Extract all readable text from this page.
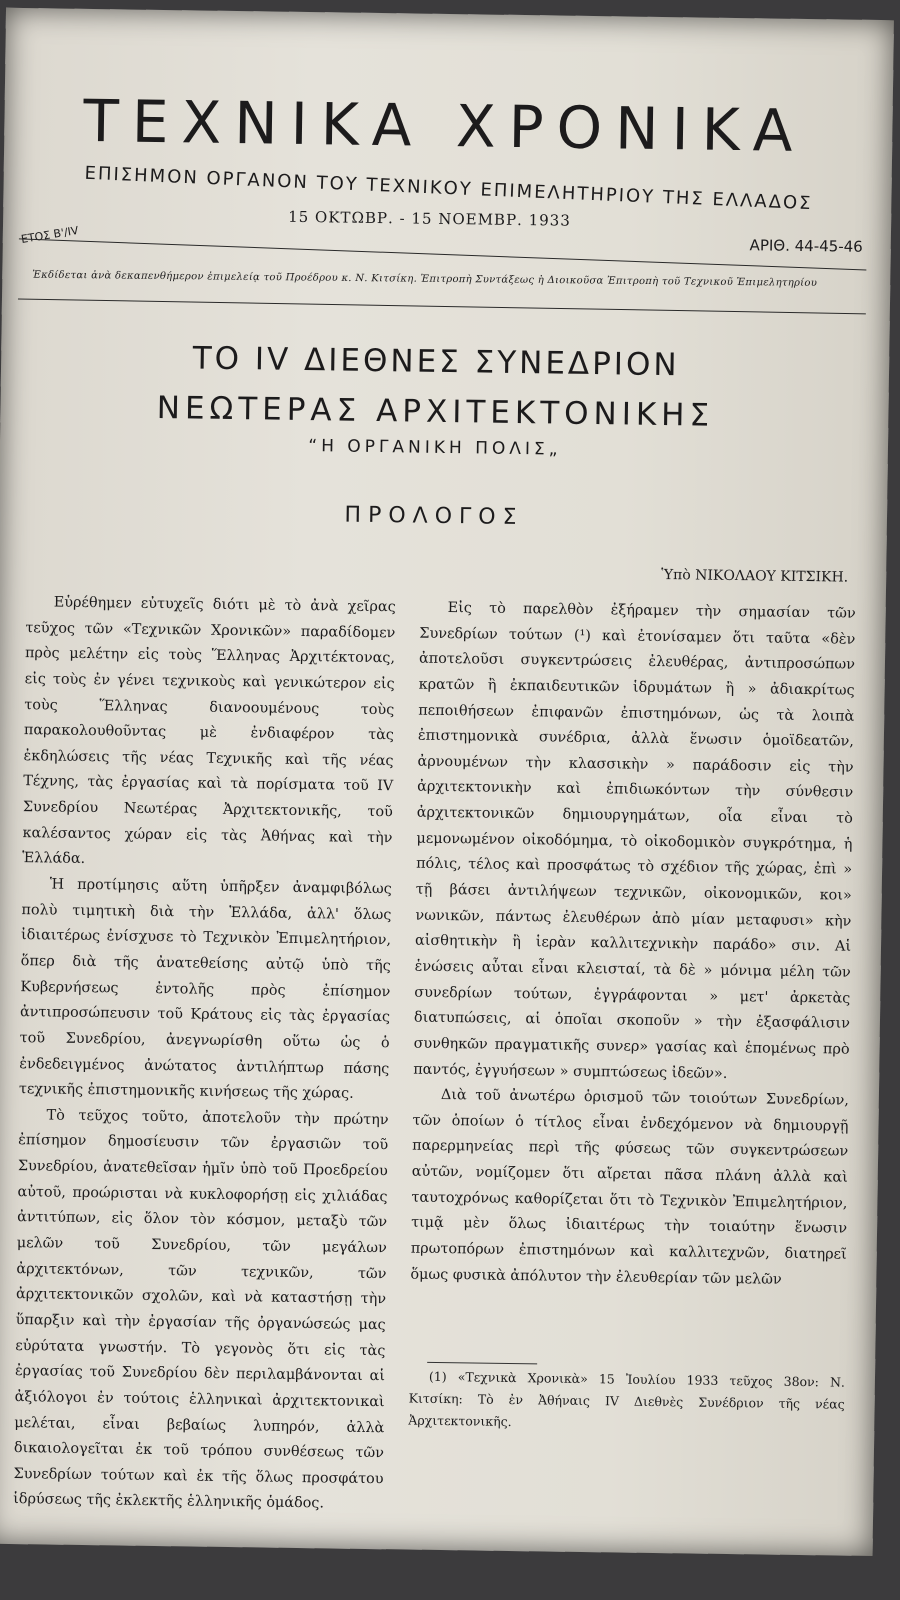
ΤΕΧΝΙΚΑ ΧΡΟΝΙΚΑ
ΕΠΙΣΗΜΟΝ ΟΡΓΑΝΟΝ ΤΟΥ ΤΕΧΝΙΚΟΥ ΕΠΙΜΕΛΗΤΗΡΙΟΥ ΤΗΣ ΕΛΛΑΔΟΣ
15 ΟΚΤΩΒΡ. - 15 ΝΟΕΜΒΡ. 1933
ΕΤΟΣ Β'/IV
ΑΡΙΘ. 44-45-46
Ἐκδίδεται ἀνὰ δεκαπενθήμερον ἐπιμελείᾳ τοῦ Προέδρου κ. Ν. Κιτσίκη. Ἐπιτροπὴ Συντάξεως ἡ Διοικοῦσα Ἐπιτροπὴ τοῦ Τεχνικοῦ Ἐπιμελητηρίου
ΤΟ IV ΔΙΕΘΝΕΣ ΣΥΝΕΔΡΙΟΝ
ΝΕΩΤΕΡΑΣ ΑΡΧΙΤΕΚΤΟΝΙΚΗΣ
“Η ΟΡΓΑΝΙΚΗ ΠΟΛΙΣ„
ΠΡΟΛΟΓΟΣ
Ὑπὸ ΝΙΚΟΛΑΟΥ ΚΙΤΣΙΚΗ.

Εὑρέθημεν εὐτυχεῖς διότι μὲ τὸ ἀνὰ χεῖρας τεῦχος τῶν «Τεχνικῶν Χρονικῶν» παραδίδομεν πρὸς μελέτην εἰς τοὺς Ἕλληνας Ἀρχιτέκτονας, εἰς τοὺς ἐν γένει τεχνικοὺς καὶ γενικώτερον εἰς τοὺς Ἕλληνας διανοουμένους τοὺς παρακολουθοῦντας μὲ ἐνδιαφέρον τὰς ἐκδηλώσεις τῆς νέας Τεχνικῆς καὶ τῆς νέας Τέχνης, τὰς ἐργασίας καὶ τὰ πορίσματα τοῦ IV Συνεδρίου Νεωτέρας Ἀρχιτεκτονικῆς, τοῦ καλέσαντος χώραν εἰς τὰς Ἀθήνας καὶ τὴν Ἑλλάδα.

Ἡ προτίμησις αὕτη ὑπῆρξεν ἀναμφιβόλως πολὺ τιμητικὴ διὰ τὴν Ἑλλάδα, ἀλλ' ὅλως ἰδιαιτέρως ἐνίσχυσε τὸ Τεχνικὸν Ἐπιμελητήριον, ὅπερ διὰ τῆς ἀνατεθείσης αὐτῷ ὑπὸ τῆς Κυβερνήσεως ἐντολῆς πρὸς ἐπίσημον ἀντιπροσώπευσιν τοῦ Κράτους εἰς τὰς ἐργασίας τοῦ Συνεδρίου, ἀνεγνωρίσθη οὕτω ὡς ὁ ἐνδεδειγμένος ἀνώτατος ἀντιλήπτωρ πάσης τεχνικῆς ἐπιστημονικῆς κινήσεως τῆς χώρας.

Τὸ τεῦχος τοῦτο, ἀποτελοῦν τὴν πρώτην ἐπίσημον δημοσίευσιν τῶν ἐργασιῶν τοῦ Συνεδρίου, ἀνατεθεῖσαν ἡμῖν ὑπὸ τοῦ Προεδρείου αὐτοῦ, προώρισται νὰ κυκλοφορήσῃ εἰς χιλιάδας ἀντιτύπων, εἰς ὅλον τὸν κόσμον, μεταξὺ τῶν μελῶν τοῦ Συνεδρίου, τῶν μεγάλων ἀρχιτεκτόνων, τῶν τεχνικῶν, τῶν ἀρχιτεκτονικῶν σχολῶν, καὶ νὰ καταστήσῃ τὴν ὕπαρξιν καὶ τὴν ἐργασίαν τῆς ὀργανώσεώς μας εὐρύτατα γνωστήν. Τὸ γεγονὸς ὅτι εἰς τὰς ἐργασίας τοῦ Συνεδρίου δὲν περιλαμβάνονται αἱ ἀξιόλογοι ἐν τούτοις ἑλληνικαὶ ἀρχιτεκτονικαὶ μελέται, εἶναι βεβαίως λυπηρόν, ἀλλὰ δικαιολογεῖται ἐκ τοῦ τρόπου συνθέσεως τῶν Συνεδρίων τούτων καὶ ἐκ τῆς ὅλως προσφάτου ἱδρύσεως τῆς ἐκλεκτῆς ἑλληνικῆς ὁμάδος.

Εἰς τὸ παρελθὸν ἐξήραμεν τὴν σημασίαν τῶν Συνεδρίων τούτων (¹) καὶ ἐτονίσαμεν ὅτι ταῦτα «δὲν ἀποτελοῦσι συγκεντρώσεις ἐλευθέρας, ἀντιπροσώπων κρατῶν ἢ ἐκπαιδευτικῶν ἱδρυμάτων ἢ » ἀδιακρίτως πεποιθήσεων ἐπιφανῶν ἐπιστημόνων, ὡς τὰ λοιπὰ ἐπιστημονικὰ συνέδρια, ἀλλὰ ἕνωσιν ὁμοϊδεατῶν, ἀρνουμένων τὴν κλασσικὴν » παράδοσιν εἰς τὴν ἀρχιτεκτονικὴν καὶ ἐπιδιωκόντων τὴν σύνθεσιν ἀρχιτεκτονικῶν δημιουργημάτων, οἷα εἶναι τὸ μεμονωμένον οἰκοδόμημα, τὸ οἰκοδομικὸν συγκρότημα, ἡ πόλις, τέλος καὶ προσφάτως τὸ σχέδιον τῆς χώρας, ἐπὶ » τῇ βάσει ἀντιλήψεων τεχνικῶν, οἰκονομικῶν, κοι» νωνικῶν, πάντως ἐλευθέρων ἀπὸ μίαν μεταφυσι» κὴν αἰσθητικὴν ἢ ἱερὰν καλλιτεχνικὴν παράδο» σιν. Αἱ ἑνώσεις αὗται εἶναι κλεισταί, τὰ δὲ » μόνιμα μέλη τῶν συνεδρίων τούτων, ἐγγράφονται » μετ' ἀρκετὰς διατυπώσεις, αἱ ὁποῖαι σκοποῦν » τὴν ἐξασφάλισιν συνθηκῶν πραγματικῆς συνερ» γασίας καὶ ἑπομένως πρὸ παντός, ἐγγυήσεων » συμπτώσεως ἰδεῶν».

Διὰ τοῦ ἀνωτέρω ὁρισμοῦ τῶν τοιούτων Συνεδρίων, τῶν ὁποίων ὁ τίτλος εἶναι ἐνδεχόμενον νὰ δημιουργῇ παρερμηνείας περὶ τῆς φύσεως τῶν συγκεντρώσεων αὐτῶν, νομίζομεν ὅτι αἴρεται πᾶσα πλάνη ἀλλὰ καὶ ταυτοχρόνως καθορίζεται ὅτι τὸ Τεχνικὸν Ἐπιμελητήριον, τιμᾷ μὲν ὅλως ἰδιαιτέρως τὴν τοιαύτην ἕνωσιν πρωτοπόρων ἐπιστημόνων καὶ καλλιτεχνῶν, διατηρεῖ ὅμως φυσικὰ ἀπόλυτον τὴν ἐλευθερίαν τῶν μελῶν

(1) «Τεχνικὰ Χρονικὰ» 15 Ἰουλίου 1933 τεῦχος 38ον: Ν. Κιτσίκη: Τὸ ἐν Ἀθήναις IV Διεθνὲς Συνέδριον τῆς νέας Ἀρχιτεκτονικῆς.
